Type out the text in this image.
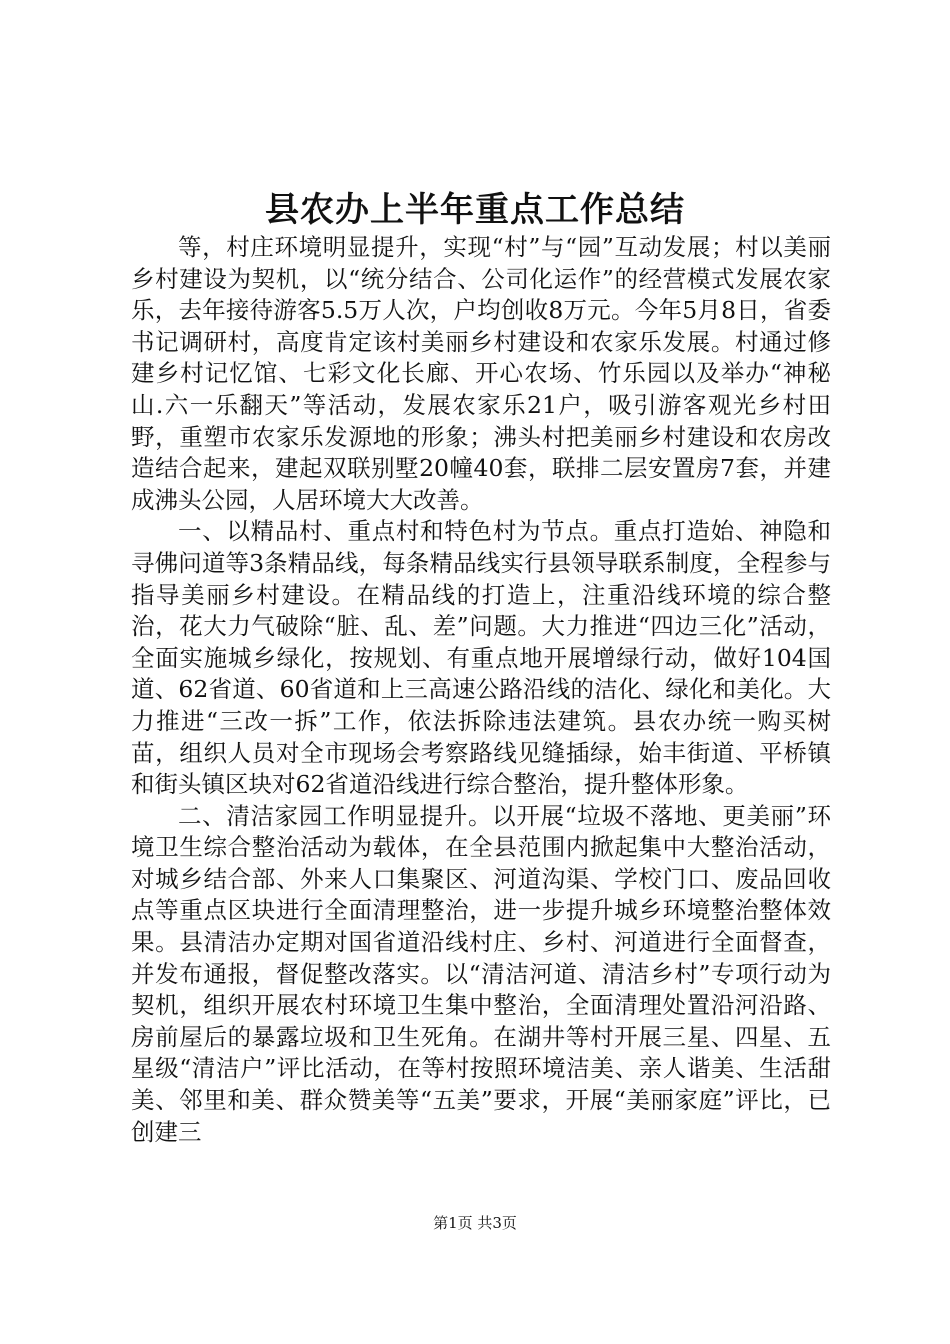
县农办上半年重点工作总结

等，村庄环境明显提升，实现“村”与“园”互动发展；村以美丽乡村建设为契机，以“统分结合、公司化运作”的经营模式发展农家乐，去年接待游客5.5万人次，户均创收8万元。今年5月8日，省委书记调研村，高度肯定该村美丽乡村建设和农家乐发展。村通过修建乡村记忆馆、七彩文化长廊、开心农场、竹乐园以及举办“神秘山.六一乐翻天”等活动，发展农家乐21户，吸引游客观光乡村田野，重塑市农家乐发源地的形象；沸头村把美丽乡村建设和农房改造结合起来，建起双联别墅20幢40套，联排二层安置房7套，并建成沸头公园，人居环境大大改善。

一、以精品村、重点村和特色村为节点。重点打造始、神隐和寻佛问道等3条精品线，每条精品线实行县领导联系制度，全程参与指导美丽乡村建设。在精品线的打造上，注重沿线环境的综合整治，花大力气破除“脏、乱、差”问题。大力推进“四边三化”活动，全面实施城乡绿化，按规划、有重点地开展增绿行动，做好104国道、62省道、60省道和上三高速公路沿线的洁化、绿化和美化。大力推进“三改一拆”工作，依法拆除违法建筑。县农办统一购买树苗，组织人员对全市现场会考察路线见缝插绿，始丰街道、平桥镇和街头镇区块对62省道沿线进行综合整治，提升整体形象。

二、清洁家园工作明显提升。以开展“垃圾不落地、更美丽”环境卫生综合整治活动为载体，在全县范围内掀起集中大整治活动，对城乡结合部、外来人口集聚区、河道沟渠、学校门口、废品回收点等重点区块进行全面清理整治，进一步提升城乡环境整治整体效果。县清洁办定期对国省道沿线村庄、乡村、河道进行全面督查，并发布通报，督促整改落实。以“清洁河道、清洁乡村”专项行动为契机，组织开展农村环境卫生集中整治，全面清理处置沿河沿路、房前屋后的暴露垃圾和卫生死角。在湖井等村开展三星、四星、五星级“清洁户”评比活动，在等村按照环境洁美、亲人谐美、生活甜美、邻里和美、群众赞美等“五美”要求，开展“美丽家庭”评比，已创建三

第1页 共3页
